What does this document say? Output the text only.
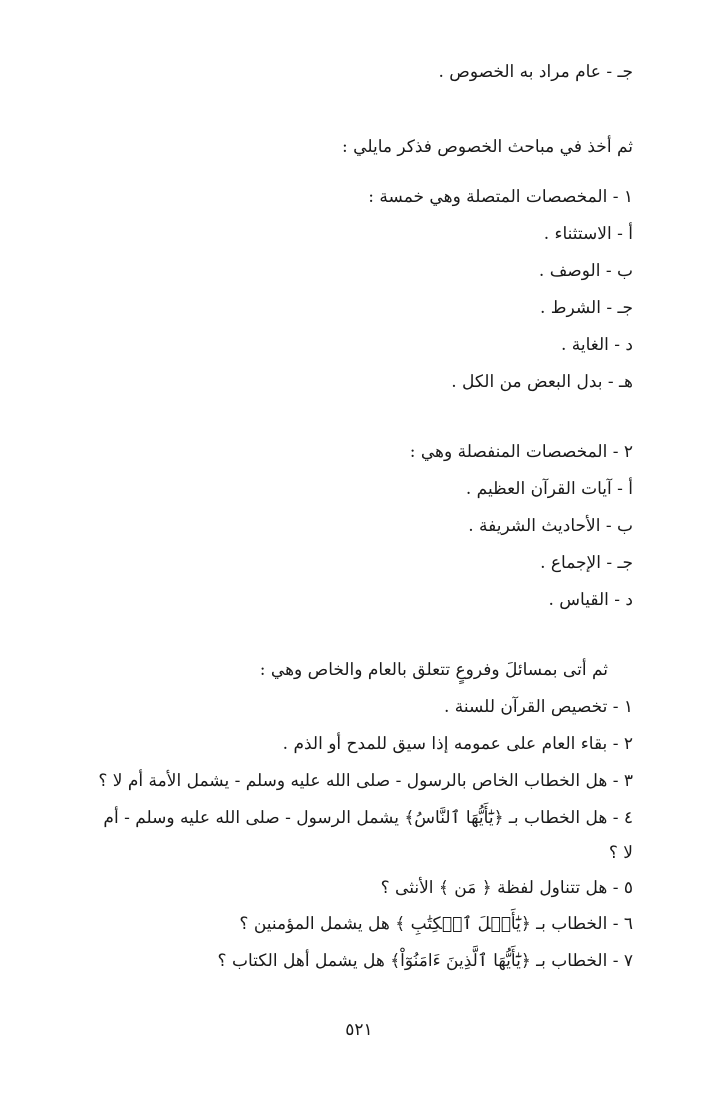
جـ - عام مراد به الخصوص .
ثم أخذ في مباحث الخصوص فذكر مايلي :
١ - المخصصات المتصلة وهي خمسة :
أ - الاستثناء .
ب - الوصف .
جـ - الشرط .
د - الغاية .
هـ - بدل البعض من الكل .
٢ - المخصصات المنفصلة وهي :
أ - آيات القرآن العظيم .
ب - الأحاديث الشريفة .
جـ - الإجماع .
د - القياس .
ثم أتى بمسائلَ وفروعٍ تتعلق بالعام والخاص وهي :
١ - تخصيص القرآن للسنة .
٢ - بقاء العام على عمومه إذا سيق للمدح أو الذم .
٣ - هل الخطاب الخاص بالرسول - صلى الله عليه وسلم - يشمل الأمة أم لا ؟
٤ - هل الخطاب بـ ﴿يَٰٓأَيُّهَا ٱلنَّاسُ﴾ يشمل الرسول - صلى الله عليه وسلم - أم
لا ؟
٥ - هل تتناول لفظة ﴿ مَن ﴾ الأنثى ؟
٦ - الخطاب بـ ﴿يَٰٓأَهۡلَ ٱلۡكِتَٰبِ ﴾ هل يشمل المؤمنين ؟
٧ - الخطاب بـ ﴿يَٰٓأَيُّهَا ٱلَّذِينَ ءَامَنُوٓاْ﴾ هل يشمل أهل الكتاب ؟
٥٢١
